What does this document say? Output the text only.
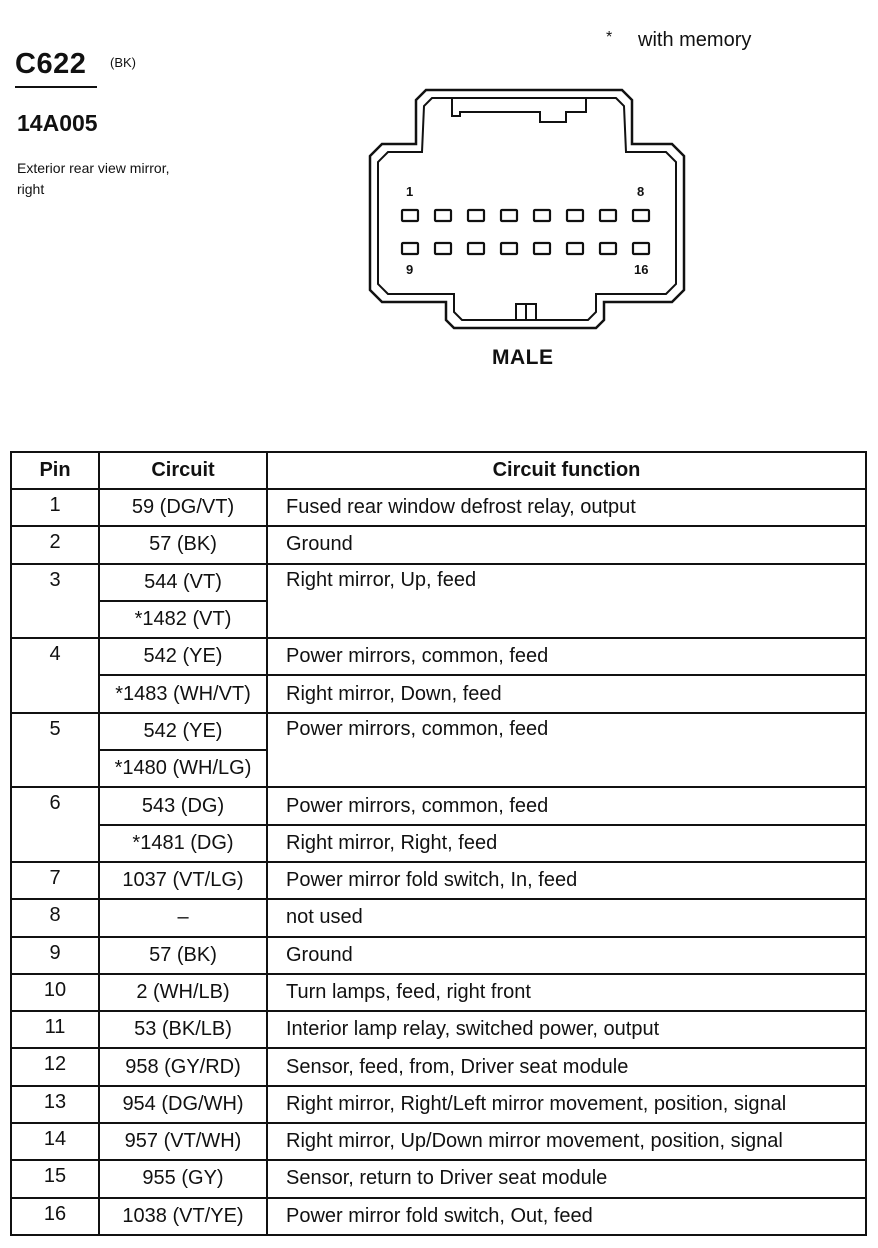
C622 (BK)
14A005
Exterior rear view mirror, right
* with memory
1	8
9	16
MALE
Pin	Circuit	Circuit function
1	59 (DG/VT)	Fused rear window defrost relay, output
2	57 (BK)	Ground
3	544 (VT)	Right mirror, Up, feed
	*1482 (VT)	
4	542 (YE)	Power mirrors, common, feed
	*1483 (WH/VT)	Right mirror, Down, feed
5	542 (YE)	Power mirrors, common, feed
	*1480 (WH/LG)	
6	543 (DG)	Power mirrors, common, feed
	*1481 (DG)	Right mirror, Right, feed
7	1037 (VT/LG)	Power mirror fold switch, In, feed
8	–	not used
9	57 (BK)	Ground
10	2 (WH/LB)	Turn lamps, feed, right front
11	53 (BK/LB)	Interior lamp relay, switched power, output
12	958 (GY/RD)	Sensor, feed, from, Driver seat module
13	954 (DG/WH)	Right mirror, Right/Left mirror movement, position, signal
14	957 (VT/WH)	Right mirror, Up/Down mirror movement, position, signal
15	955 (GY)	Sensor, return to Driver seat module
16	1038 (VT/YE)	Power mirror fold switch, Out, feed
